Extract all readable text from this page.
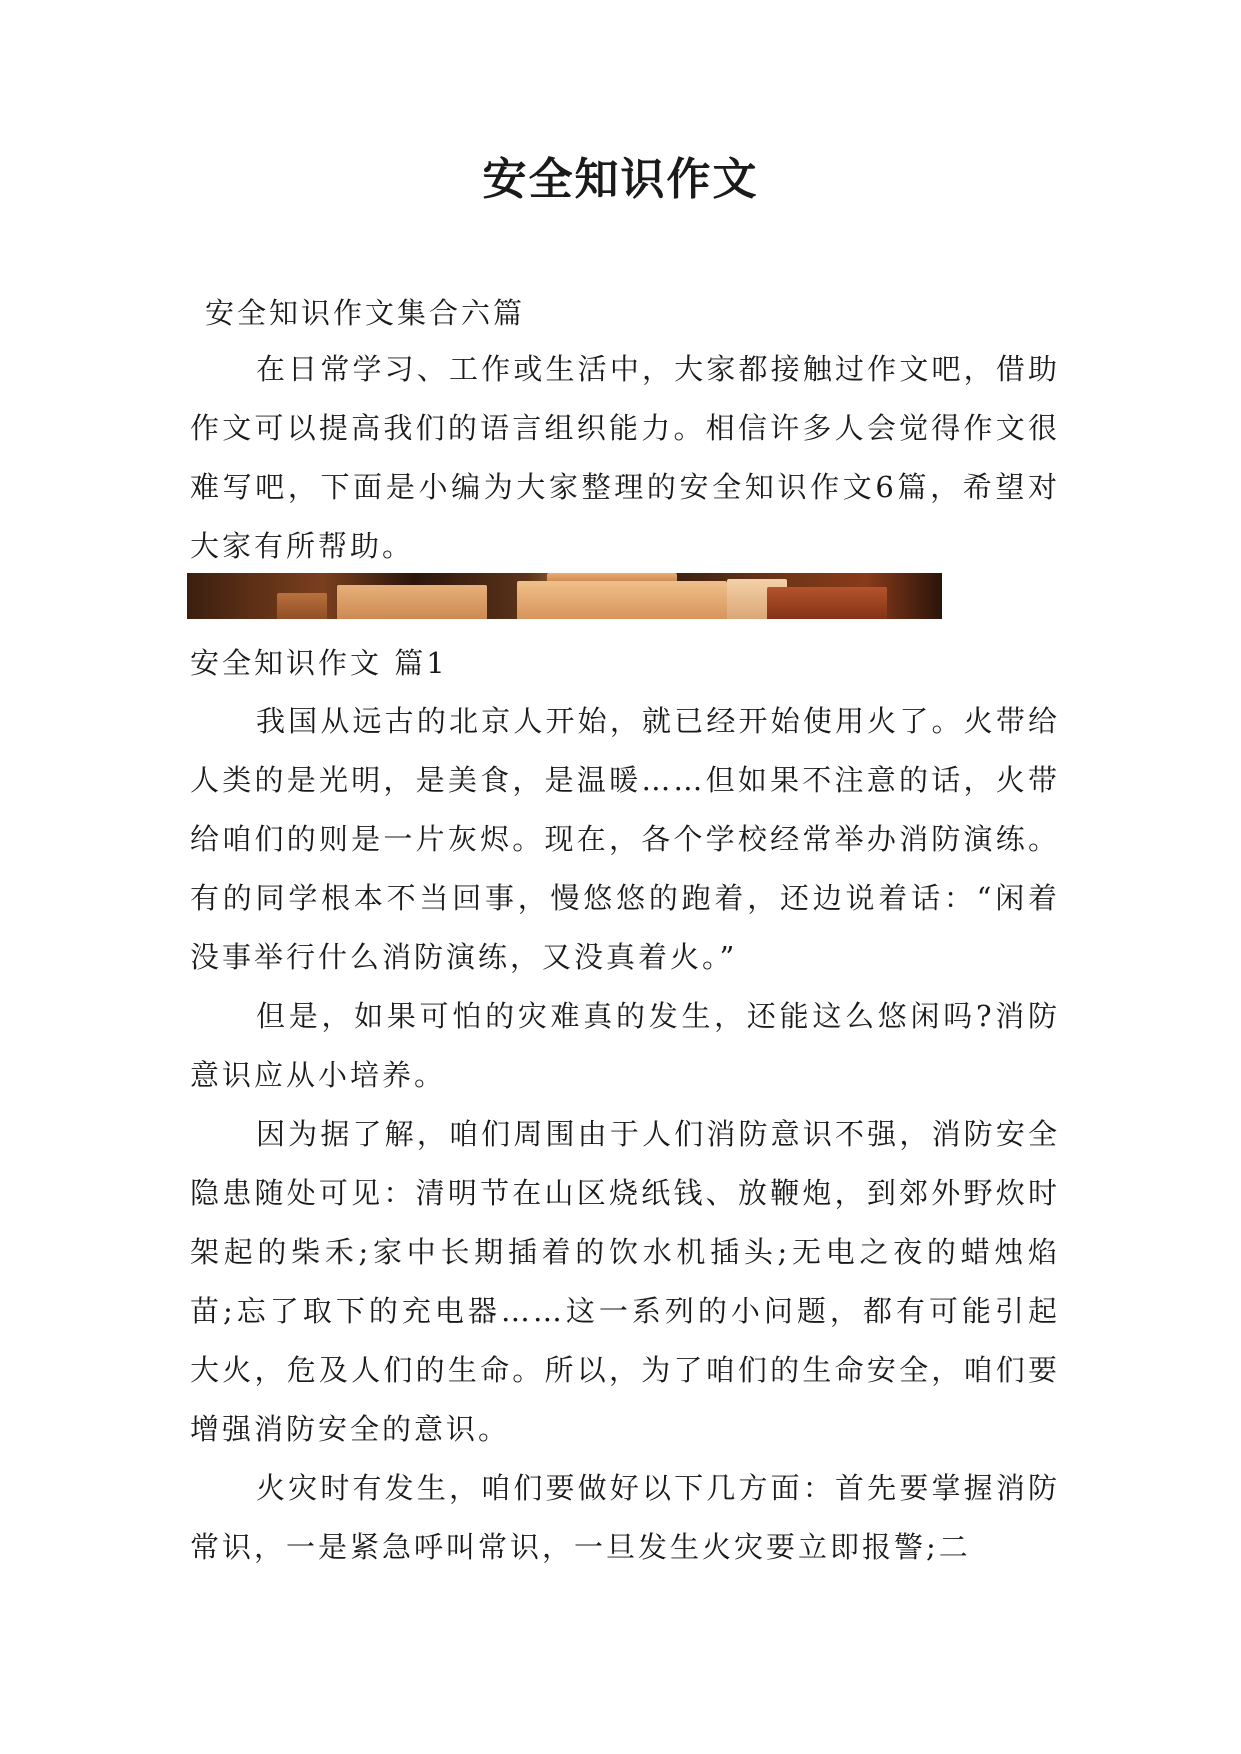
安全知识作文

安全知识作文集合六篇

在日常学习、工作或生活中，大家都接触过作文吧，借助作文可以提高我们的语言组织能力。相信许多人会觉得作文很难写吧，下面是小编为大家整理的安全知识作文6篇，希望对大家有所帮助。

安全知识作文 篇1

我国从远古的北京人开始，就已经开始使用火了。火带给人类的是光明，是美食，是温暖……但如果不注意的话，火带给咱们的则是一片灰烬。现在，各个学校经常举办消防演练。有的同学根本不当回事，慢悠悠的跑着，还边说着话：“闲着没事举行什么消防演练，又没真着火。”

但是，如果可怕的灾难真的发生，还能这么悠闲吗?消防意识应从小培养。

因为据了解，咱们周围由于人们消防意识不强，消防安全隐患随处可见：清明节在山区烧纸钱、放鞭炮，到郊外野炊时架起的柴禾;家中长期插着的饮水机插头;无电之夜的蜡烛焰苗;忘了取下的充电器……这一系列的小问题，都有可能引起大火，危及人们的生命。所以，为了咱们的生命安全，咱们要增强消防安全的意识。

火灾时有发生，咱们要做好以下几方面：首先要掌握消防常识，一是紧急呼叫常识，一旦发生火灾要立即报警;二
